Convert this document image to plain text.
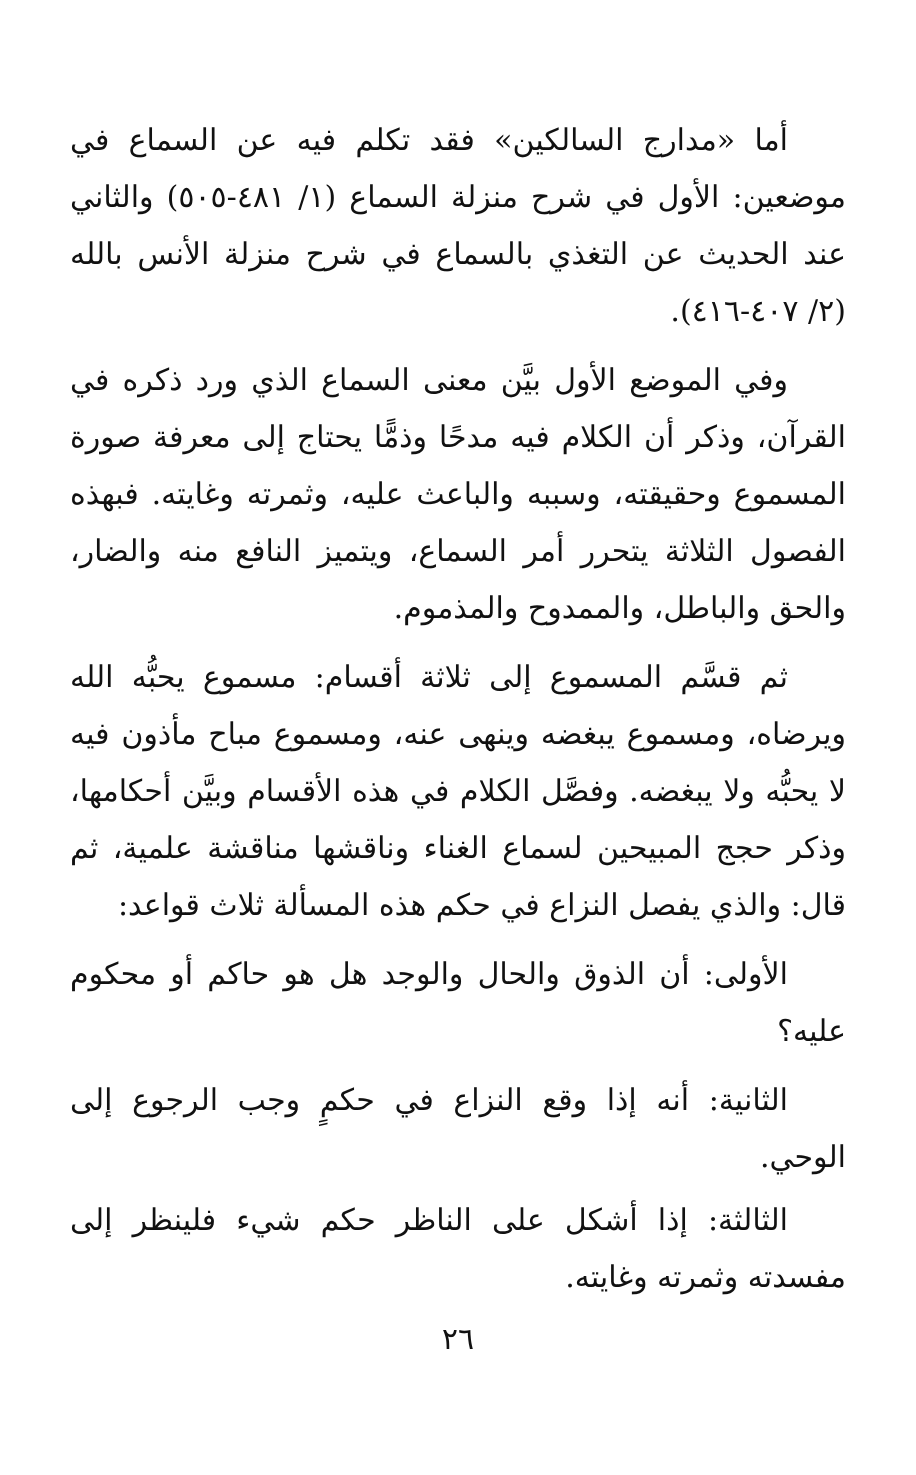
أما «مدارج السالكين» فقد تكلم فيه عن السماع في موضعين: الأول في شرح منزلة السماع (١/ ٤٨١-٥٠٥) والثاني عند الحديث عن التغذي بالسماع في شرح منزلة الأنس بالله (٢/ ٤٠٧-٤١٦).

وفي الموضع الأول بيَّن معنى السماع الذي ورد ذكره في القرآن، وذكر أن الكلام فيه مدحًا وذمًّا يحتاج إلى معرفة صورة المسموع وحقيقته، وسببه والباعث عليه، وثمرته وغايته. فبهذه الفصول الثلاثة يتحرر أمر السماع، ويتميز النافع منه والضار، والحق والباطل، والممدوح والمذموم.

ثم قسَّم المسموع إلى ثلاثة أقسام: مسموع يحبُّه الله ويرضاه، ومسموع يبغضه وينهى عنه، ومسموع مباح مأذون فيه لا يحبُّه ولا يبغضه. وفصَّل الكلام في هذه الأقسام وبيَّن أحكامها، وذكر حجج المبيحين لسماع الغناء وناقشها مناقشة علمية، ثم قال: والذي يفصل النزاع في حكم هذه المسألة ثلاث قواعد:

الأولى: أن الذوق والحال والوجد هل هو حاكم أو محكوم عليه؟

الثانية: أنه إذا وقع النزاع في حكمٍ وجب الرجوع إلى الوحي.

الثالثة: إذا أشكل على الناظر حكم شيء فلينظر إلى مفسدته وثمرته وغايته.

٢٦
